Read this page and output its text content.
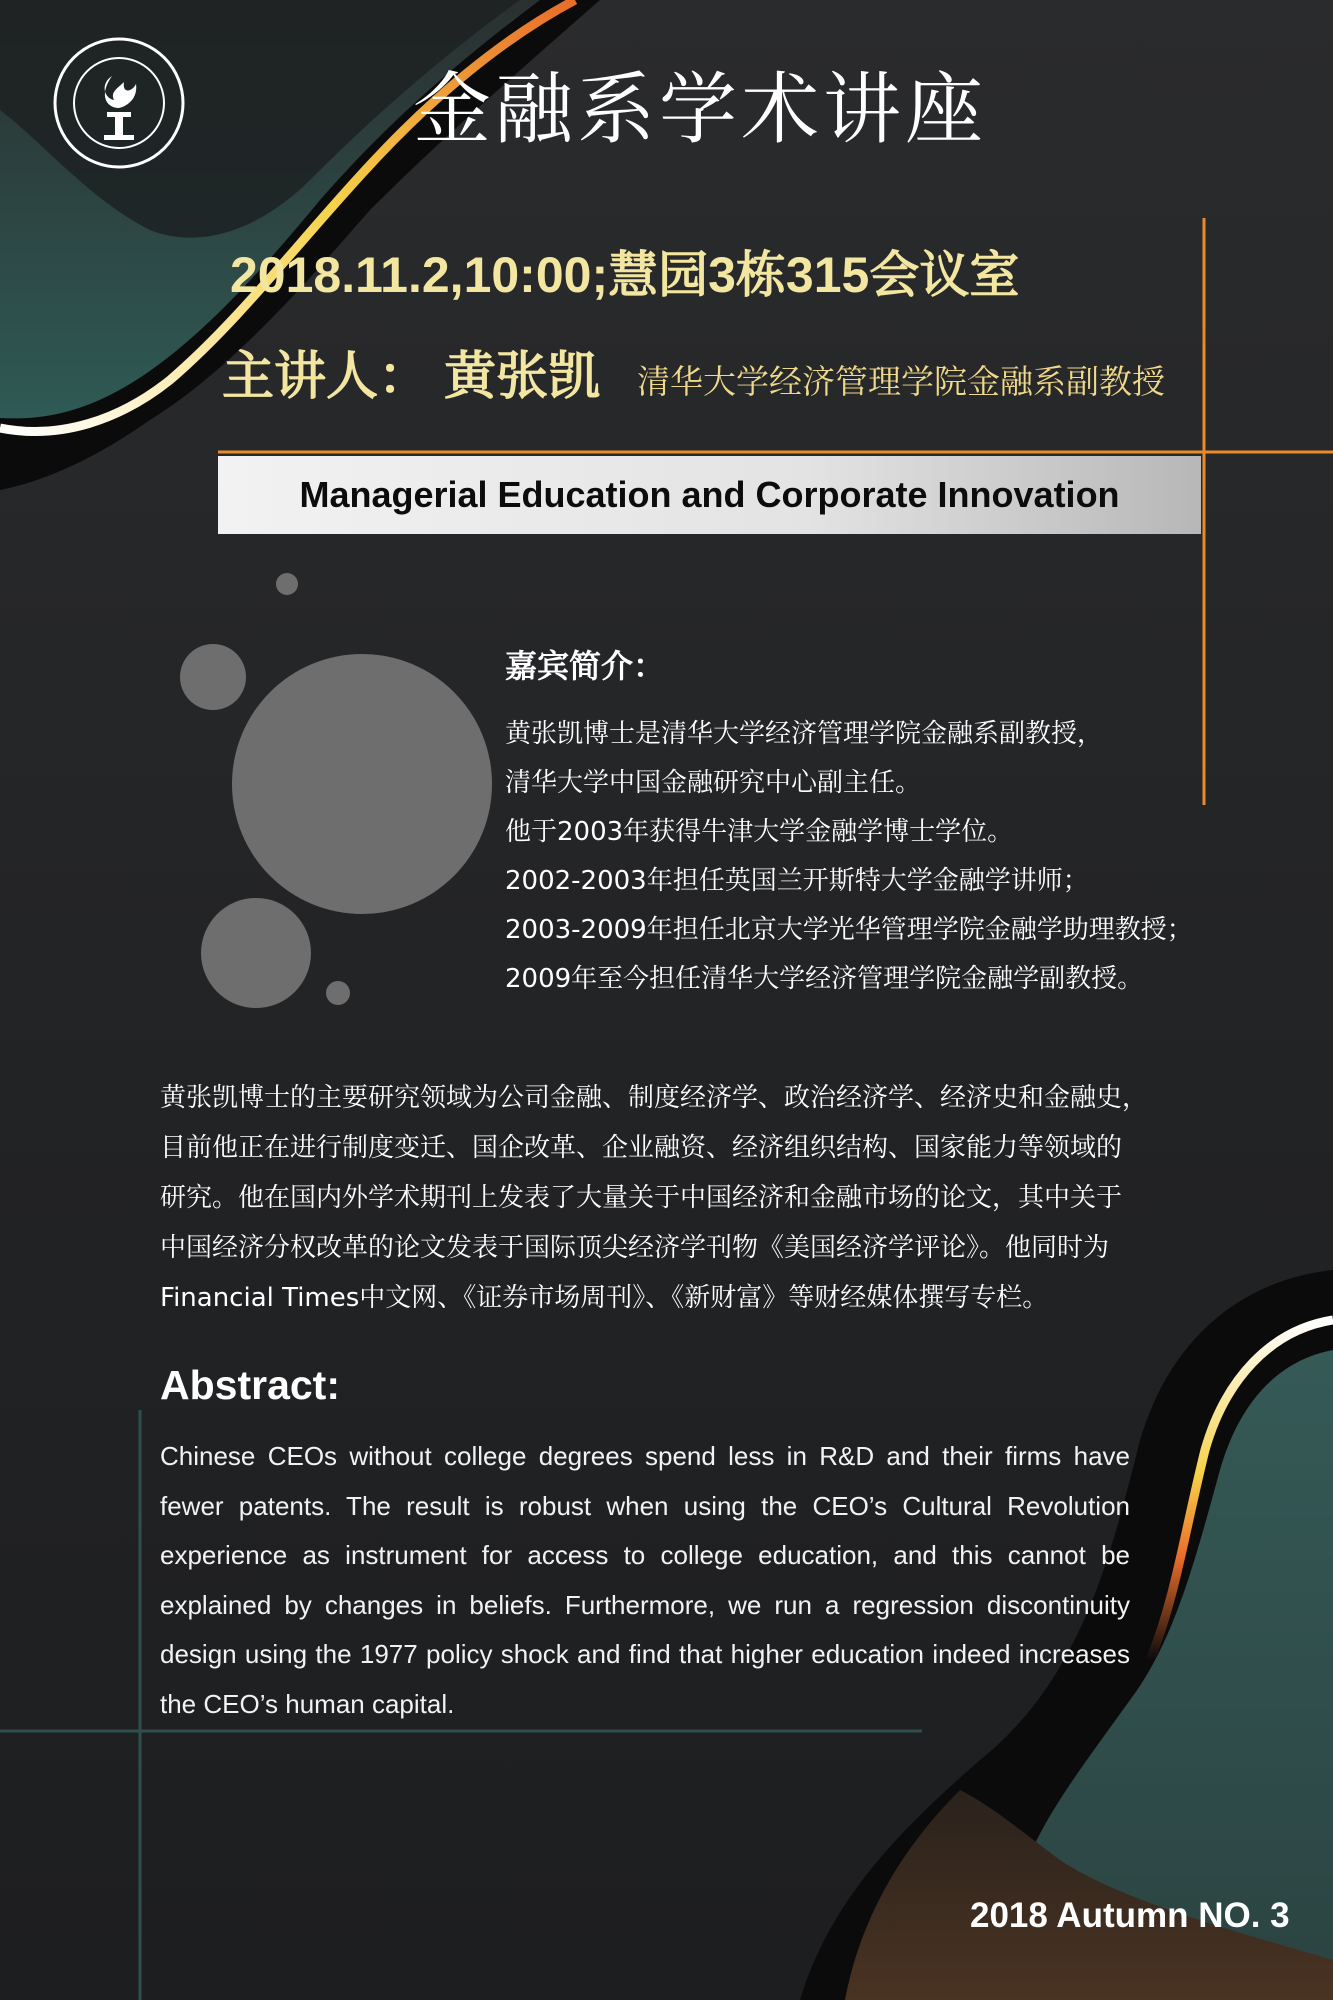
金融系学术讲座
2018.11.2,10:00;慧园3栋315会议室
主讲人： 黄张凯 清华大学经济管理学院金融系副教授
Managerial Education and Corporate Innovation
嘉宾简介：
黄张凯博士是清华大学经济管理学院金融系副教授，
清华大学中国金融研究中心副主任。
他于2003年获得牛津大学金融学博士学位。
2002-2003年担任英国兰开斯特大学金融学讲师；
2003-2009年担任北京大学光华管理学院金融学助理教授；
2009年至今担任清华大学经济管理学院金融学副教授。
黄张凯博士的主要研究领域为公司金融、制度经济学、政治经济学、经济史和金融史，
目前他正在进行制度变迁、国企改革、企业融资、经济组织结构、国家能力等领域的
研究。他在国内外学术期刊上发表了大量关于中国经济和金融市场的论文，其中关于
中国经济分权改革的论文发表于国际顶尖经济学刊物《美国经济学评论》。他同时为
Financial Times中文网、《证券市场周刊》、《新财富》等财经媒体撰写专栏。
Abstract:
Chinese CEOs without college degrees spend less in R&D and their firms have fewer patents. The result is robust when using the CEO’s Cultural Revolution experience as instrument for access to college education, and this cannot be explained by changes in beliefs. Furthermore, we run a regression discontinuity design using the 1977 policy shock and find that higher education indeed increases the CEO’s human capital.
2018 Autumn NO. 3
